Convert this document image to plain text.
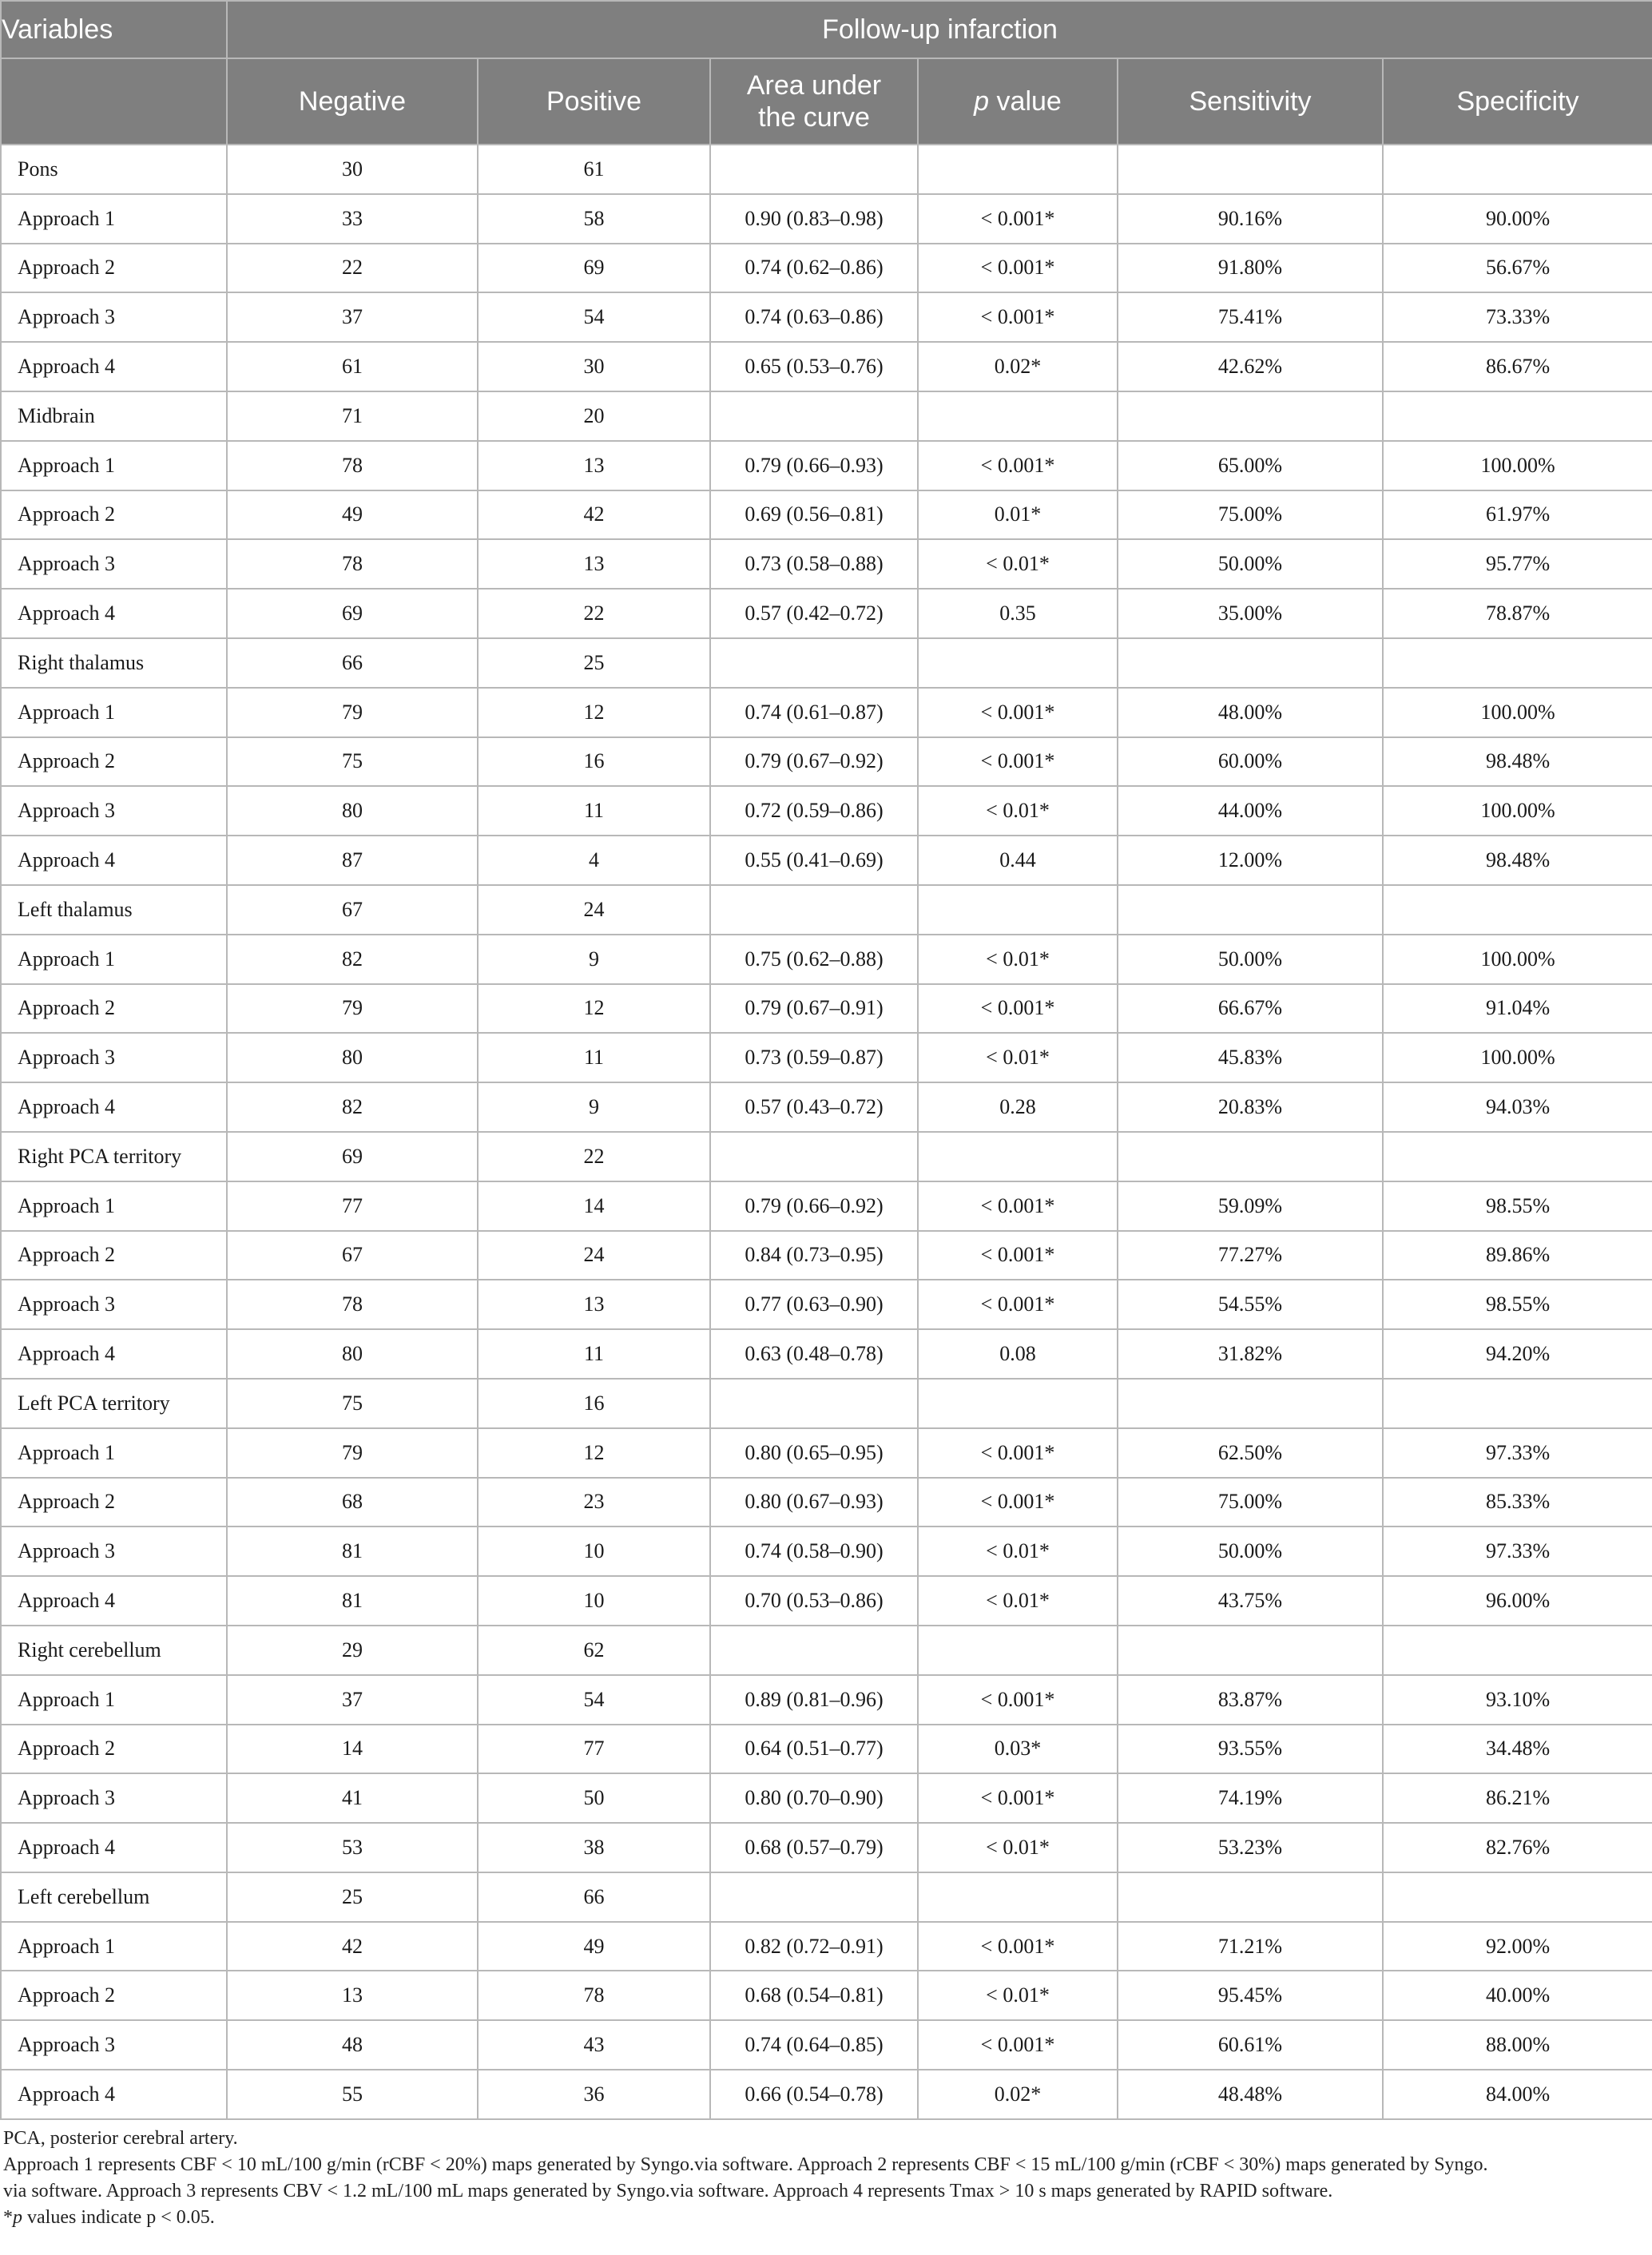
Variables	Follow-up infarction					
	Negative	Positive	Area under the curve	p value	Sensitivity	Specificity
Pons	30	61				
Approach 1	33	58	0.90 (0.83–0.98)	< 0.001*	90.16%	90.00%
Approach 2	22	69	0.74 (0.62–0.86)	< 0.001*	91.80%	56.67%
Approach 3	37	54	0.74 (0.63–0.86)	< 0.001*	75.41%	73.33%
Approach 4	61	30	0.65 (0.53–0.76)	0.02*	42.62%	86.67%
Midbrain	71	20				
Approach 1	78	13	0.79 (0.66–0.93)	< 0.001*	65.00%	100.00%
Approach 2	49	42	0.69 (0.56–0.81)	0.01*	75.00%	61.97%
Approach 3	78	13	0.73 (0.58–0.88)	< 0.01*	50.00%	95.77%
Approach 4	69	22	0.57 (0.42–0.72)	0.35	35.00%	78.87%
Right thalamus	66	25				
Approach 1	79	12	0.74 (0.61–0.87)	< 0.001*	48.00%	100.00%
Approach 2	75	16	0.79 (0.67–0.92)	< 0.001*	60.00%	98.48%
Approach 3	80	11	0.72 (0.59–0.86)	< 0.01*	44.00%	100.00%
Approach 4	87	4	0.55 (0.41–0.69)	0.44	12.00%	98.48%
Left thalamus	67	24				
Approach 1	82	9	0.75 (0.62–0.88)	< 0.01*	50.00%	100.00%
Approach 2	79	12	0.79 (0.67–0.91)	< 0.001*	66.67%	91.04%
Approach 3	80	11	0.73 (0.59–0.87)	< 0.01*	45.83%	100.00%
Approach 4	82	9	0.57 (0.43–0.72)	0.28	20.83%	94.03%
Right PCA territory	69	22				
Approach 1	77	14	0.79 (0.66–0.92)	< 0.001*	59.09%	98.55%
Approach 2	67	24	0.84 (0.73–0.95)	< 0.001*	77.27%	89.86%
Approach 3	78	13	0.77 (0.63–0.90)	< 0.001*	54.55%	98.55%
Approach 4	80	11	0.63 (0.48–0.78)	0.08	31.82%	94.20%
Left PCA territory	75	16				
Approach 1	79	12	0.80 (0.65–0.95)	< 0.001*	62.50%	97.33%
Approach 2	68	23	0.80 (0.67–0.93)	< 0.001*	75.00%	85.33%
Approach 3	81	10	0.74 (0.58–0.90)	< 0.01*	50.00%	97.33%
Approach 4	81	10	0.70 (0.53–0.86)	< 0.01*	43.75%	96.00%
Right cerebellum	29	62				
Approach 1	37	54	0.89 (0.81–0.96)	< 0.001*	83.87%	93.10%
Approach 2	14	77	0.64 (0.51–0.77)	0.03*	93.55%	34.48%
Approach 3	41	50	0.80 (0.70–0.90)	< 0.001*	74.19%	86.21%
Approach 4	53	38	0.68 (0.57–0.79)	< 0.01*	53.23%	82.76%
Left cerebellum	25	66				
Approach 1	42	49	0.82 (0.72–0.91)	< 0.001*	71.21%	92.00%
Approach 2	13	78	0.68 (0.54–0.81)	< 0.01*	95.45%	40.00%
Approach 3	48	43	0.74 (0.64–0.85)	< 0.001*	60.61%	88.00%
Approach 4	55	36	0.66 (0.54–0.78)	0.02*	48.48%	84.00%

PCA, posterior cerebral artery.

Approach 1 represents CBF < 10 mL/100 g/min (rCBF < 20%) maps generated by Syngo.via software. Approach 2 represents CBF < 15 mL/100 g/min (rCBF < 30%) maps generated by Syngo.

via software. Approach 3 represents CBV < 1.2 mL/100 mL maps generated by Syngo.via software. Approach 4 represents Tmax > 10 s maps generated by RAPID software.

*p values indicate p < 0.05.
